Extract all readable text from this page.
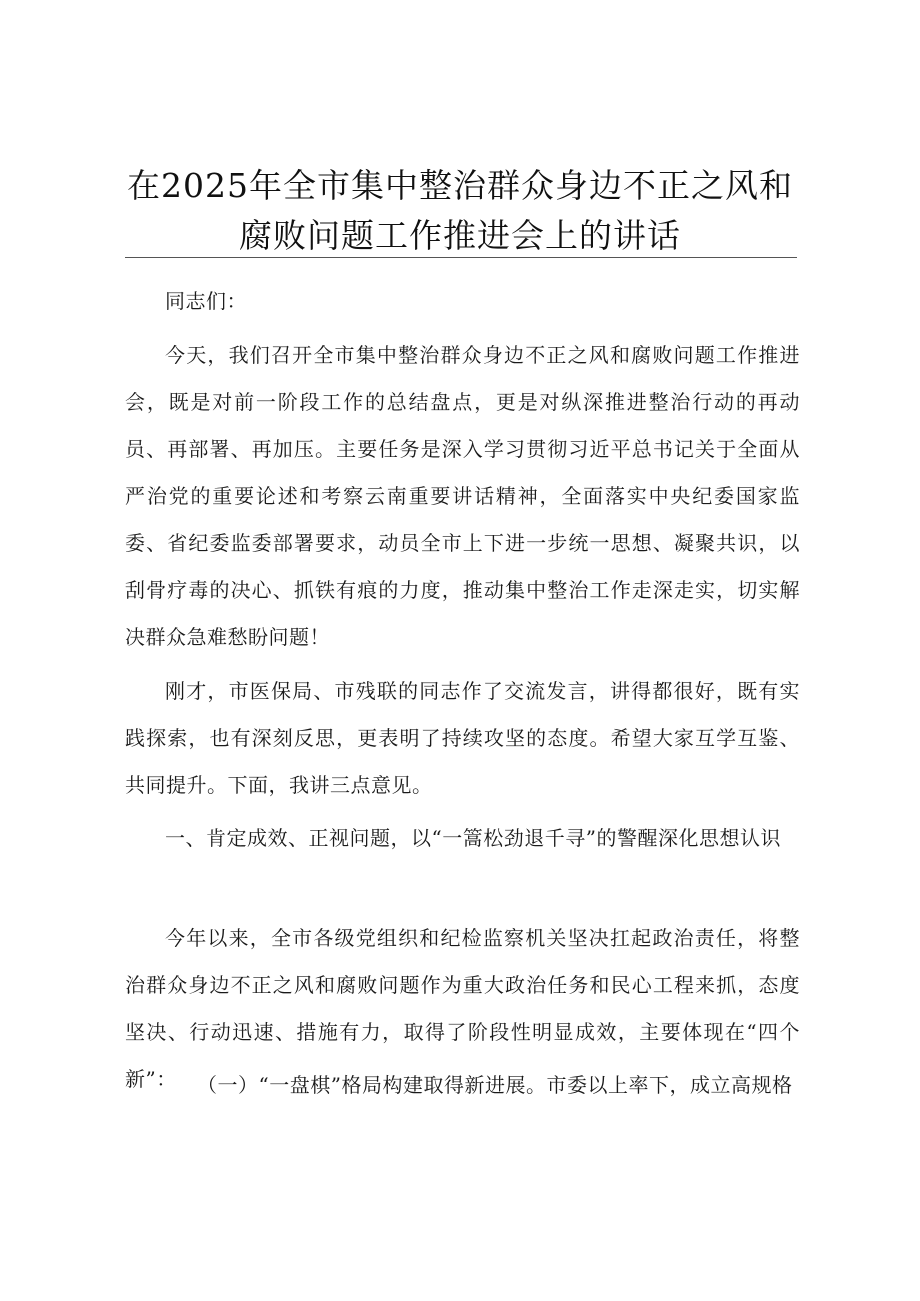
在2025年全市集中整治群众身边不正之风和
腐败问题工作推进会上的讲话

同志们：

今天，我们召开全市集中整治群众身边不正之风和腐败问题工作推进会，既是对前一阶段工作的总结盘点，更是对纵深推进整治行动的再动员、再部署、再加压。主要任务是深入学习贯彻习近平总书记关于全面从严治党的重要论述和考察云南重要讲话精神，全面落实中央纪委国家监委、省纪委监委部署要求，动员全市上下进一步统一思想、凝聚共识，以刮骨疗毒的决心、抓铁有痕的力度，推动集中整治工作走深走实，切实解决群众急难愁盼问题！

刚才，市医保局、市残联的同志作了交流发言，讲得都很好，既有实践探索，也有深刻反思，更表明了持续攻坚的态度。希望大家互学互鉴、共同提升。下面，我讲三点意见。

一、肯定成效、正视问题，以“一篙松劲退千寻”的警醒深化思想认识

今年以来，全市各级党组织和纪检监察机关坚决扛起政治责任，将整治群众身边不正之风和腐败问题作为重大政治任务和民心工程来抓，态度坚决、行动迅速、措施有力，取得了阶段性明显成效，主要体现在“四个新”：	（一）“一盘棋”格局构建取得新进展。市委以上率下，成立高规格
